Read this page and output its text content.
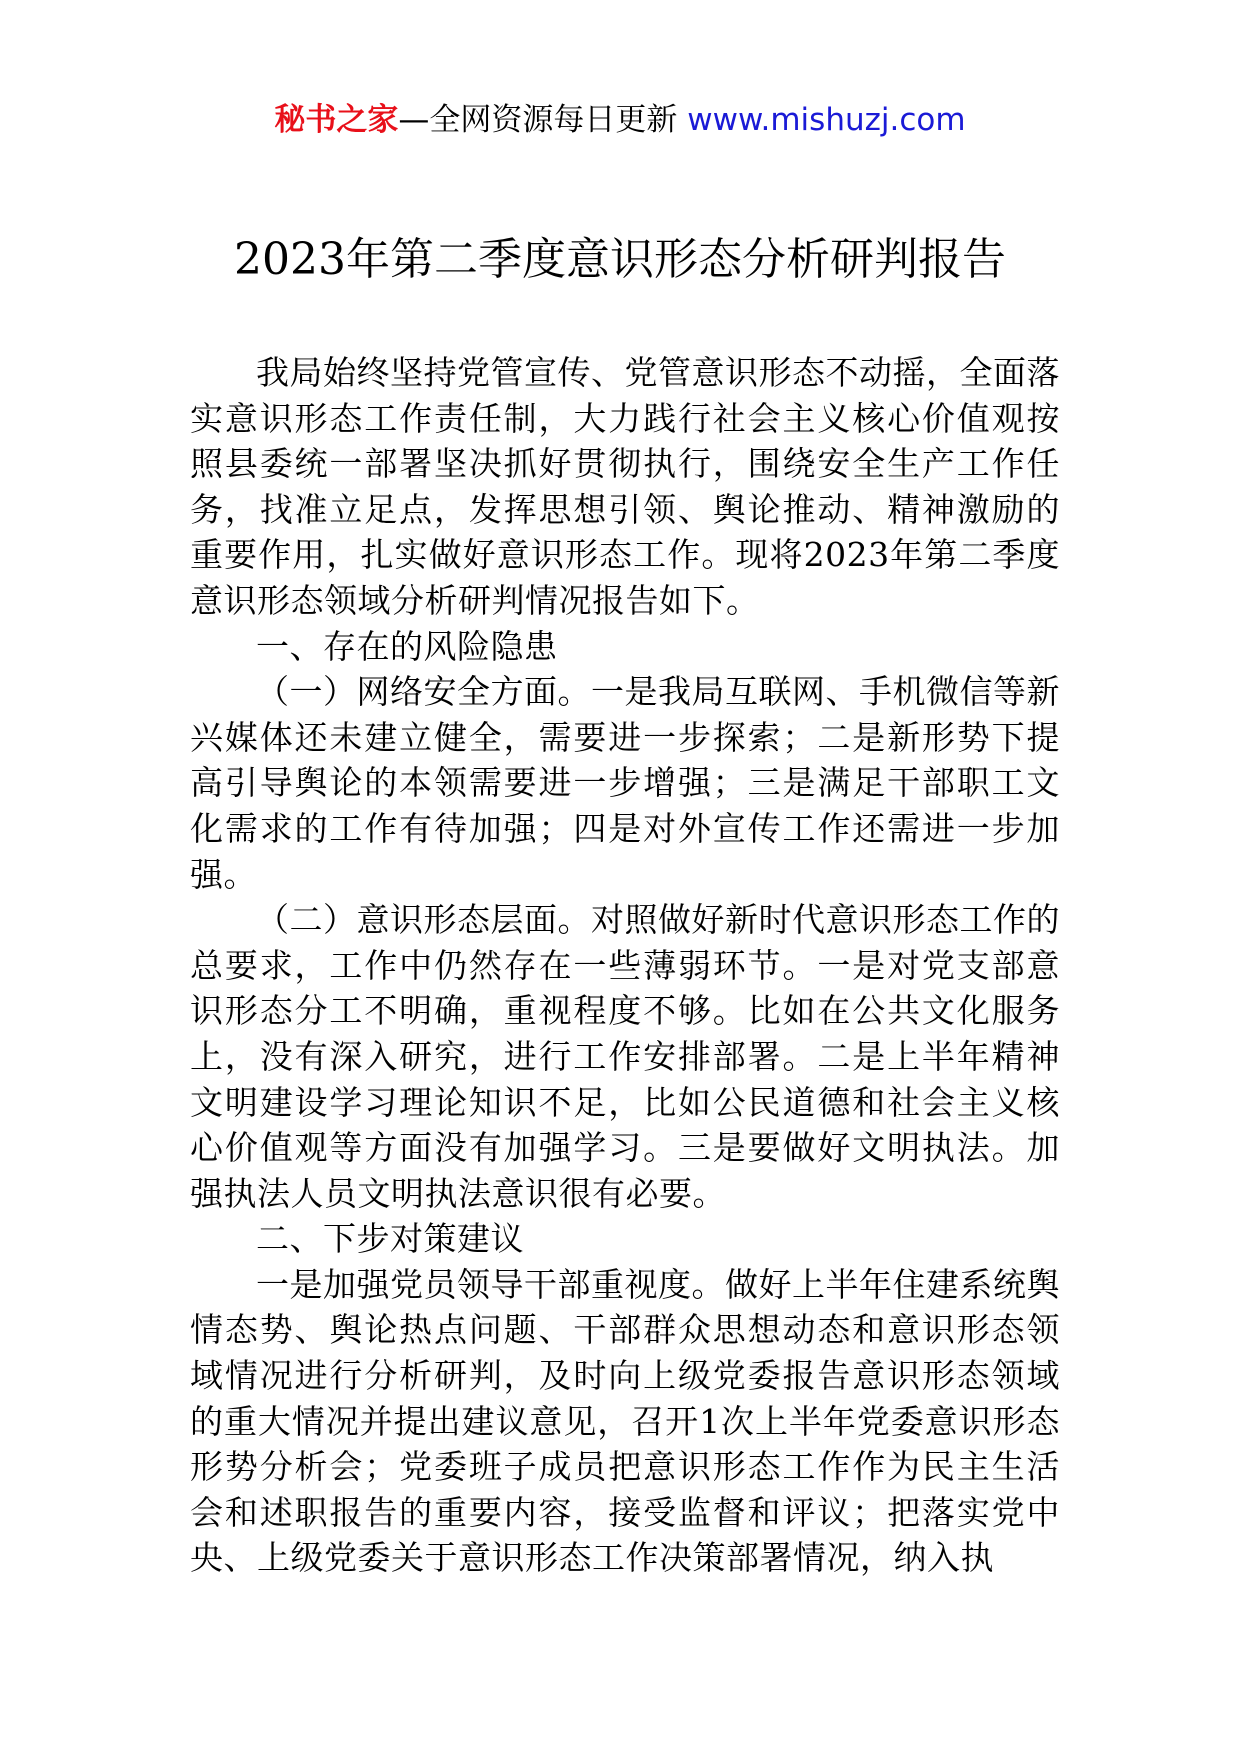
秘书之家—全网资源每日更新 www.mishuzj.com
2023年第二季度意识形态分析研判报告

我局始终坚持党管宣传、党管意识形态不动摇，全面落实意识形态工作责任制，大力践行社会主义核心价值观按照县委统一部署坚决抓好贯彻执行，围绕安全生产工作任务，找准立足点，发挥思想引领、舆论推动、精神激励的重要作用，扎实做好意识形态工作。现将2023年第二季度意识形态领域分析研判情况报告如下。

一、存在的风险隐患

（一）网络安全方面。一是我局互联网、手机微信等新兴媒体还未建立健全，需要进一步探索；二是新形势下提高引导舆论的本领需要进一步增强；三是满足干部职工文化需求的工作有待加强；四是对外宣传工作还需进一步加强。

（二）意识形态层面。对照做好新时代意识形态工作的总要求，工作中仍然存在一些薄弱环节。一是对党支部意识形态分工不明确，重视程度不够。比如在公共文化服务上，没有深入研究，进行工作安排部署。二是上半年精神文明建设学习理论知识不足，比如公民道德和社会主义核心价值观等方面没有加强学习。三是要做好文明执法。加强执法人员文明执法意识很有必要。

二、下步对策建议

一是加强党员领导干部重视度。做好上半年住建系统舆情态势、舆论热点问题、干部群众思想动态和意识形态领域情况进行分析研判，及时向上级党委报告意识形态领域的重大情况并提出建议意见，召开1次上半年党委意识形态形势分析会；党委班子成员把意识形态工作作为民主生活会和述职报告的重要内容，接受监督和评议；把落实党中央、上级党委关于意识形态工作决策部署情况，纳入执
